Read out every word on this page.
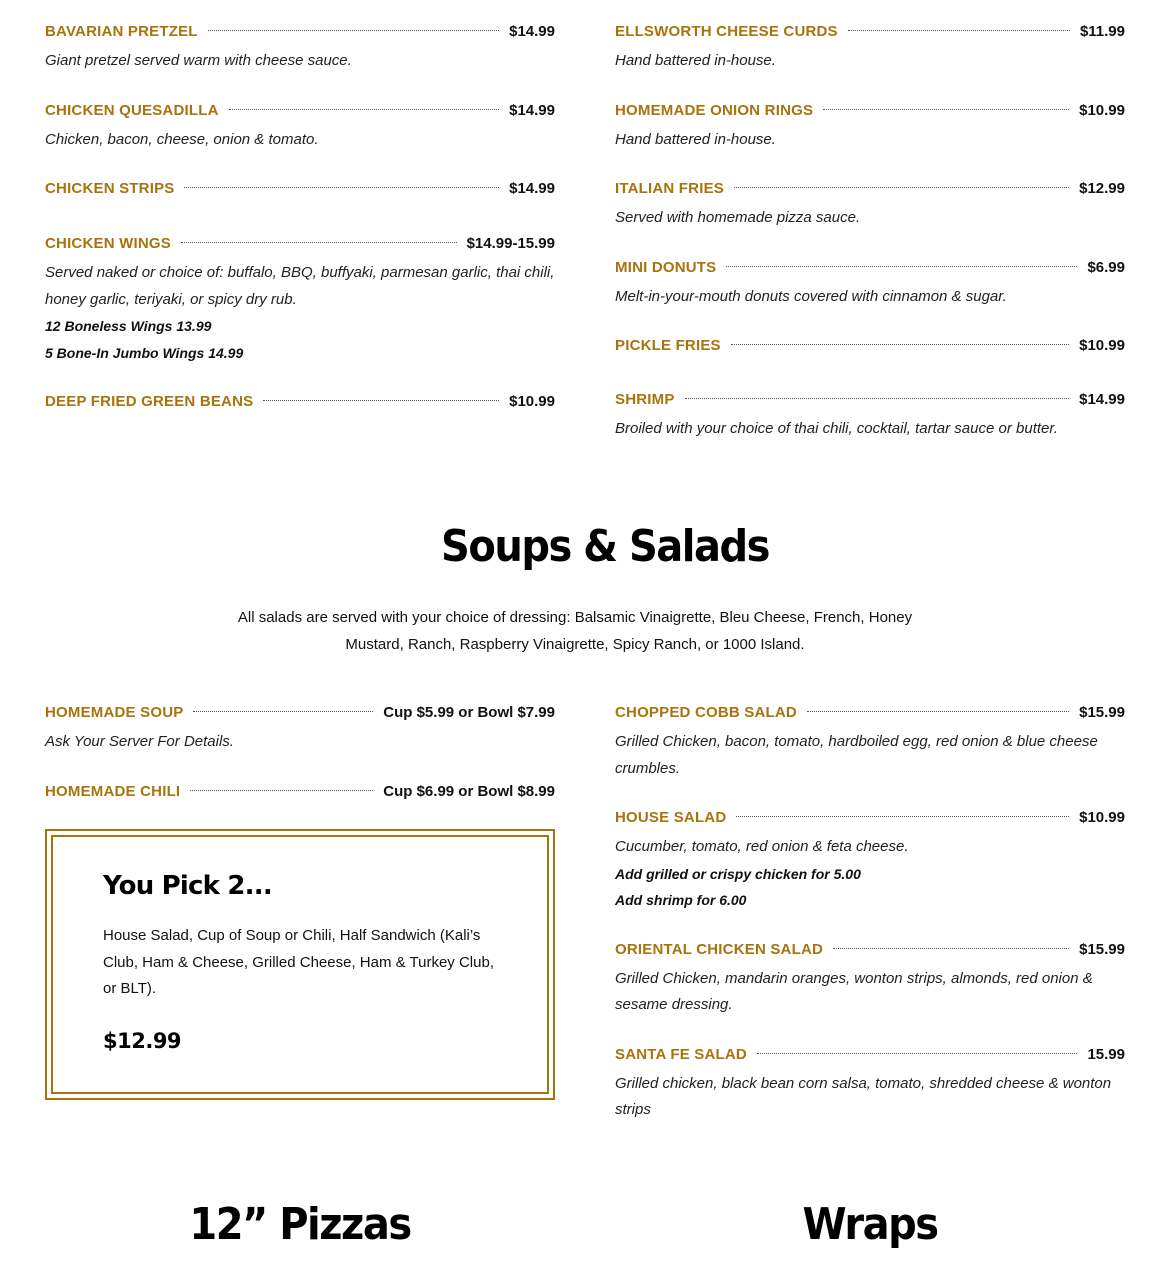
BAVARIAN PRETZEL	$14.99
Giant pretzel served warm with cheese sauce.
CHICKEN QUESADILLA	$14.99
Chicken, bacon, cheese, onion & tomato.
CHICKEN STRIPS	$14.99
CHICKEN WINGS	$14.99-15.99
Served naked or choice of: buffalo, BBQ, buffyaki, parmesan garlic, thai chili, honey garlic, teriyaki, or spicy dry rub.
12 Boneless Wings 13.99
5 Bone-In Jumbo Wings 14.99
DEEP FRIED GREEN BEANS	$10.99
ELLSWORTH CHEESE CURDS	$11.99
Hand battered in-house.
HOMEMADE ONION RINGS	$10.99
Hand battered in-house.
ITALIAN FRIES	$12.99
Served with homemade pizza sauce.
MINI DONUTS	$6.99
Melt-in-your-mouth donuts covered with cinnamon & sugar.
PICKLE FRIES	$10.99
SHRIMP	$14.99
Broiled with your choice of thai chili, cocktail, tartar sauce or butter.
Soups & Salads
All salads are served with your choice of dressing: Balsamic Vinaigrette, Bleu Cheese, French, Honey
Mustard, Ranch, Raspberry Vinaigrette, Spicy Ranch, or 1000 Island.
HOMEMADE SOUP	Cup $5.99 or Bowl $7.99
Ask Your Server For Details.
HOMEMADE CHILI	Cup $6.99 or Bowl $8.99
CHOPPED COBB SALAD	$15.99
Grilled Chicken, bacon, tomato, hardboiled egg, red onion & blue cheese crumbles.
HOUSE SALAD	$10.99
Cucumber, tomato, red onion & feta cheese.
Add grilled or crispy chicken for 5.00
Add shrimp for 6.00
ORIENTAL CHICKEN SALAD	$15.99
Grilled Chicken, mandarin oranges, wonton strips, almonds, red onion & sesame dressing.
SANTA FE SALAD	15.99
Grilled chicken, black bean corn salsa, tomato, shredded cheese & wonton strips
You Pick 2...
House Salad, Cup of Soup or Chili, Half Sandwich (Kali’s Club, Ham & Cheese, Grilled Cheese, Ham & Turkey Club, or BLT).
$12.99
12” Pizzas	Wraps
